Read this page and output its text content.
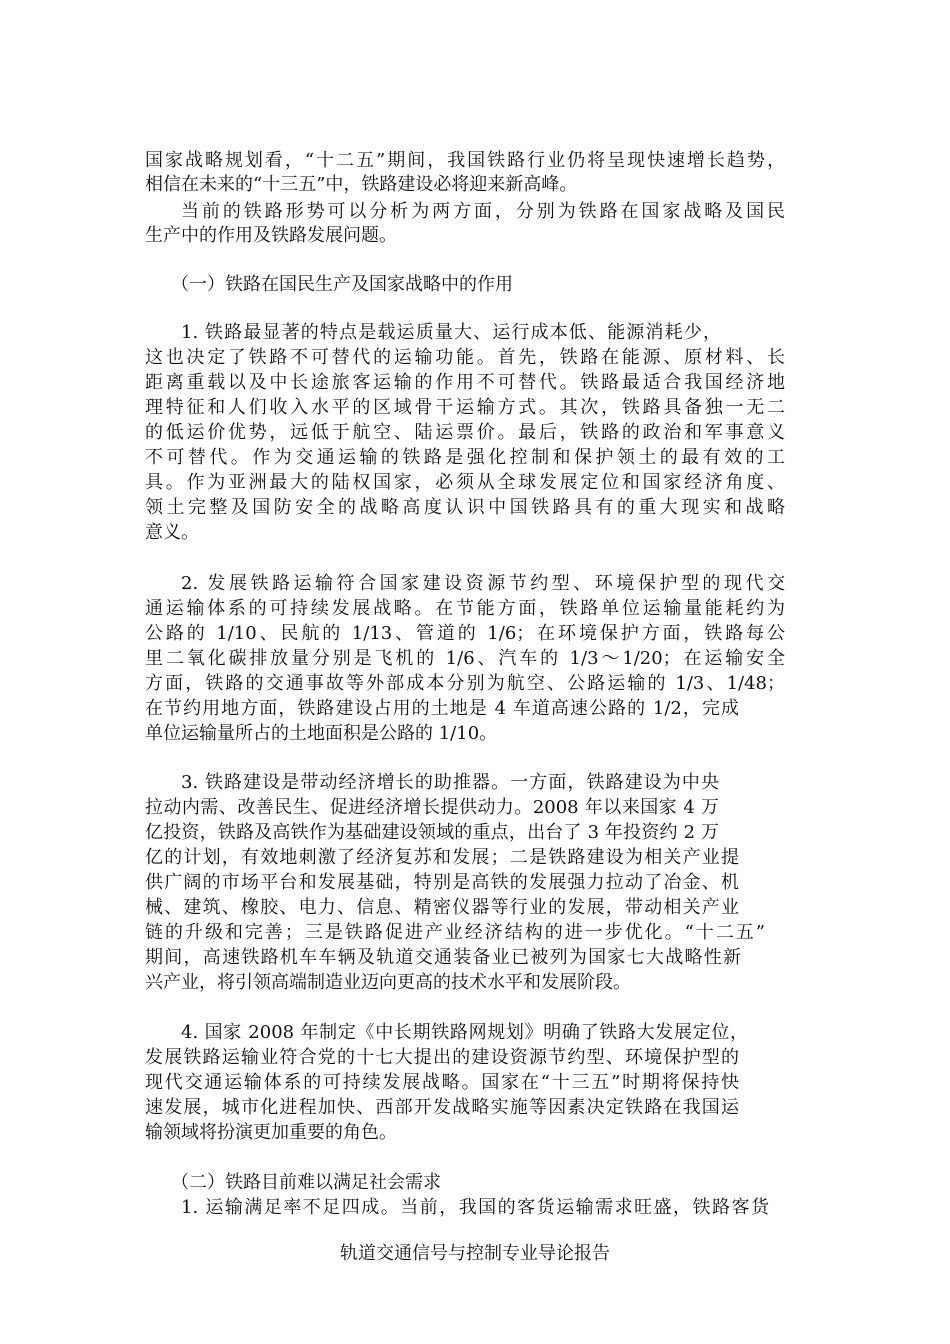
国家战略规划看，“十二五”期间，我国铁路行业仍将呈现快速增长趋势，
相信在未来的“十三五”中，铁路建设必将迎来新高峰。
当前的铁路形势可以分析为两方面，分别为铁路在国家战略及国民
生产中的作用及铁路发展问题。
（一）铁路在国民生产及国家战略中的作用
1. 铁路最显著的特点是载运质量大、运行成本低、能源消耗少，
这也决定了铁路不可替代的运输功能。首先，铁路在能源、原材料、长
距离重载以及中长途旅客运输的作用不可替代。铁路最适合我国经济地
理特征和人们收入水平的区域骨干运输方式。其次，铁路具备独一无二
的低运价优势，远低于航空、陆运票价。最后，铁路的政治和军事意义
不可替代。作为交通运输的铁路是强化控制和保护领土的最有效的工
具。作为亚洲最大的陆权国家，必须从全球发展定位和国家经济角度、
领土完整及国防安全的战略高度认识中国铁路具有的重大现实和战略
意义。
2. 发展铁路运输符合国家建设资源节约型、环境保护型的现代交
通运输体系的可持续发展战略。在节能方面，铁路单位运输量能耗约为
公路的 1/10、民航的 1/13、管道的 1/6；在环境保护方面，铁路每公
里二氧化碳排放量分别是飞机的 1/6、汽车的 1/3～1/20；在运输安全
方面，铁路的交通事故等外部成本分别为航空、公路运输的 1/3、1/48；
在节约用地方面，铁路建设占用的土地是 4 车道高速公路的 1/2，完成
单位运输量所占的土地面积是公路的 1/10。
3. 铁路建设是带动经济增长的助推器。一方面，铁路建设为中央
拉动内需、改善民生、促进经济增长提供动力。2008 年以来国家 4 万
亿投资，铁路及高铁作为基础建设领域的重点，出台了 3 年投资约 2 万
亿的计划，有效地刺激了经济复苏和发展；二是铁路建设为相关产业提
供广阔的市场平台和发展基础，特别是高铁的发展强力拉动了冶金、机
械、建筑、橡胶、电力、信息、精密仪器等行业的发展，带动相关产业
链的升级和完善；三是铁路促进产业经济结构的进一步优化。“十二五”
期间，高速铁路机车车辆及轨道交通装备业已被列为国家七大战略性新
兴产业，将引领高端制造业迈向更高的技术水平和发展阶段。
4. 国家 2008 年制定《中长期铁路网规划》明确了铁路大发展定位，
发展铁路运输业符合党的十七大提出的建设资源节约型、环境保护型的
现代交通运输体系的可持续发展战略。国家在“十三五”时期将保持快
速发展，城市化进程加快、西部开发战略实施等因素决定铁路在我国运
输领域将扮演更加重要的角色。
（二）铁路目前难以满足社会需求
1. 运输满足率不足四成。当前，我国的客货运输需求旺盛，铁路客货
轨道交通信号与控制专业导论报告
